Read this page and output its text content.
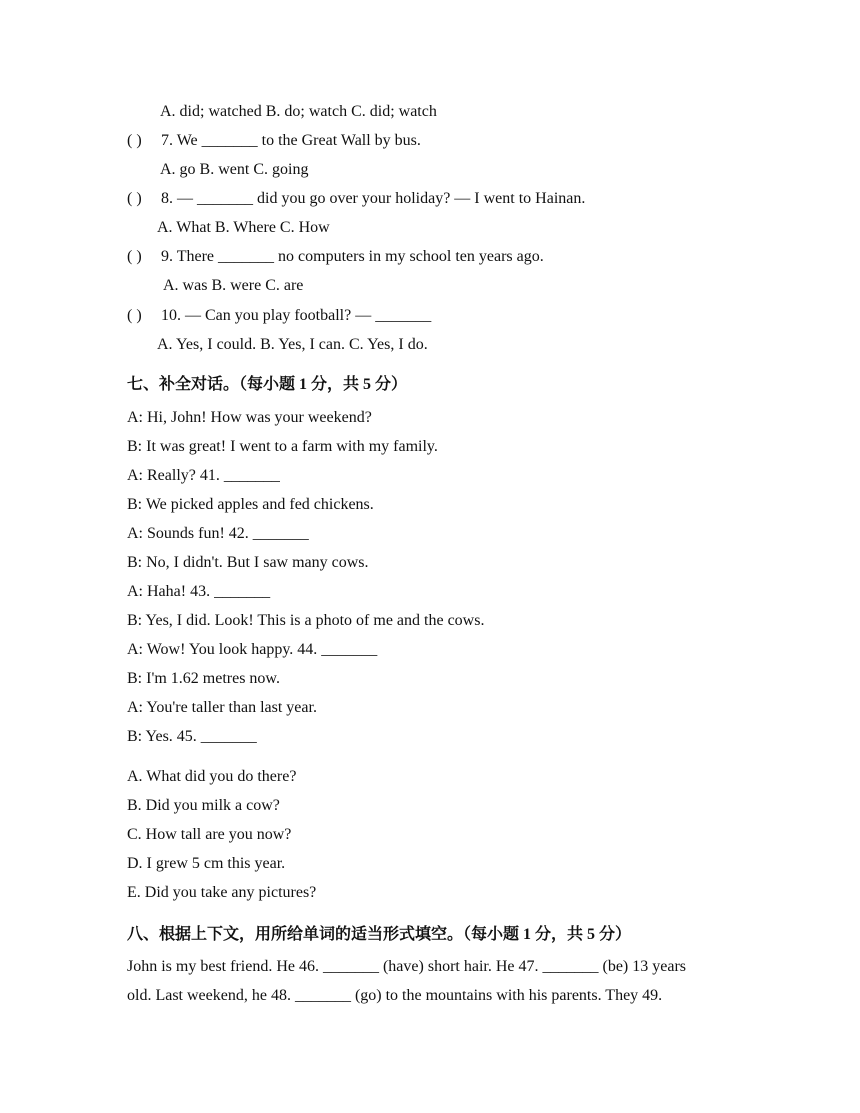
A. did; watched B. do; watch C. did; watch
( ) 7. We _______ to the Great Wall by bus.
A. go B. went C. going
( ) 8. — _______ did you go over your holiday? — I went to Hainan.
A. What B. Where C. How
( ) 9. There _______ no computers in my school ten years ago.
A. was B. were C. are
( ) 10. — Can you play football? — _______
A. Yes, I could. B. Yes, I can. C. Yes, I do.
七、补全对话。（每小题 1 分，共 5 分）
A: Hi, John! How was your weekend?
B: It was great! I went to a farm with my family.
A: Really? 41. _______
B: We picked apples and fed chickens.
A: Sounds fun! 42. _______
B: No, I didn't. But I saw many cows.
A: Haha! 43. _______
B: Yes, I did. Look! This is a photo of me and the cows.
A: Wow! You look happy. 44. _______
B: I'm 1.62 metres now.
A: You're taller than last year.
B: Yes. 45. _______
A. What did you do there?
B. Did you milk a cow?
C. How tall are you now?
D. I grew 5 cm this year.
E. Did you take any pictures?
八、根据上下文，用所给单词的适当形式填空。（每小题 1 分，共 5 分）
John is my best friend. He 46. _______ (have) short hair. He 47. _______ (be) 13 years
old. Last weekend, he 48. _______ (go) to the mountains with his parents. They 49.
